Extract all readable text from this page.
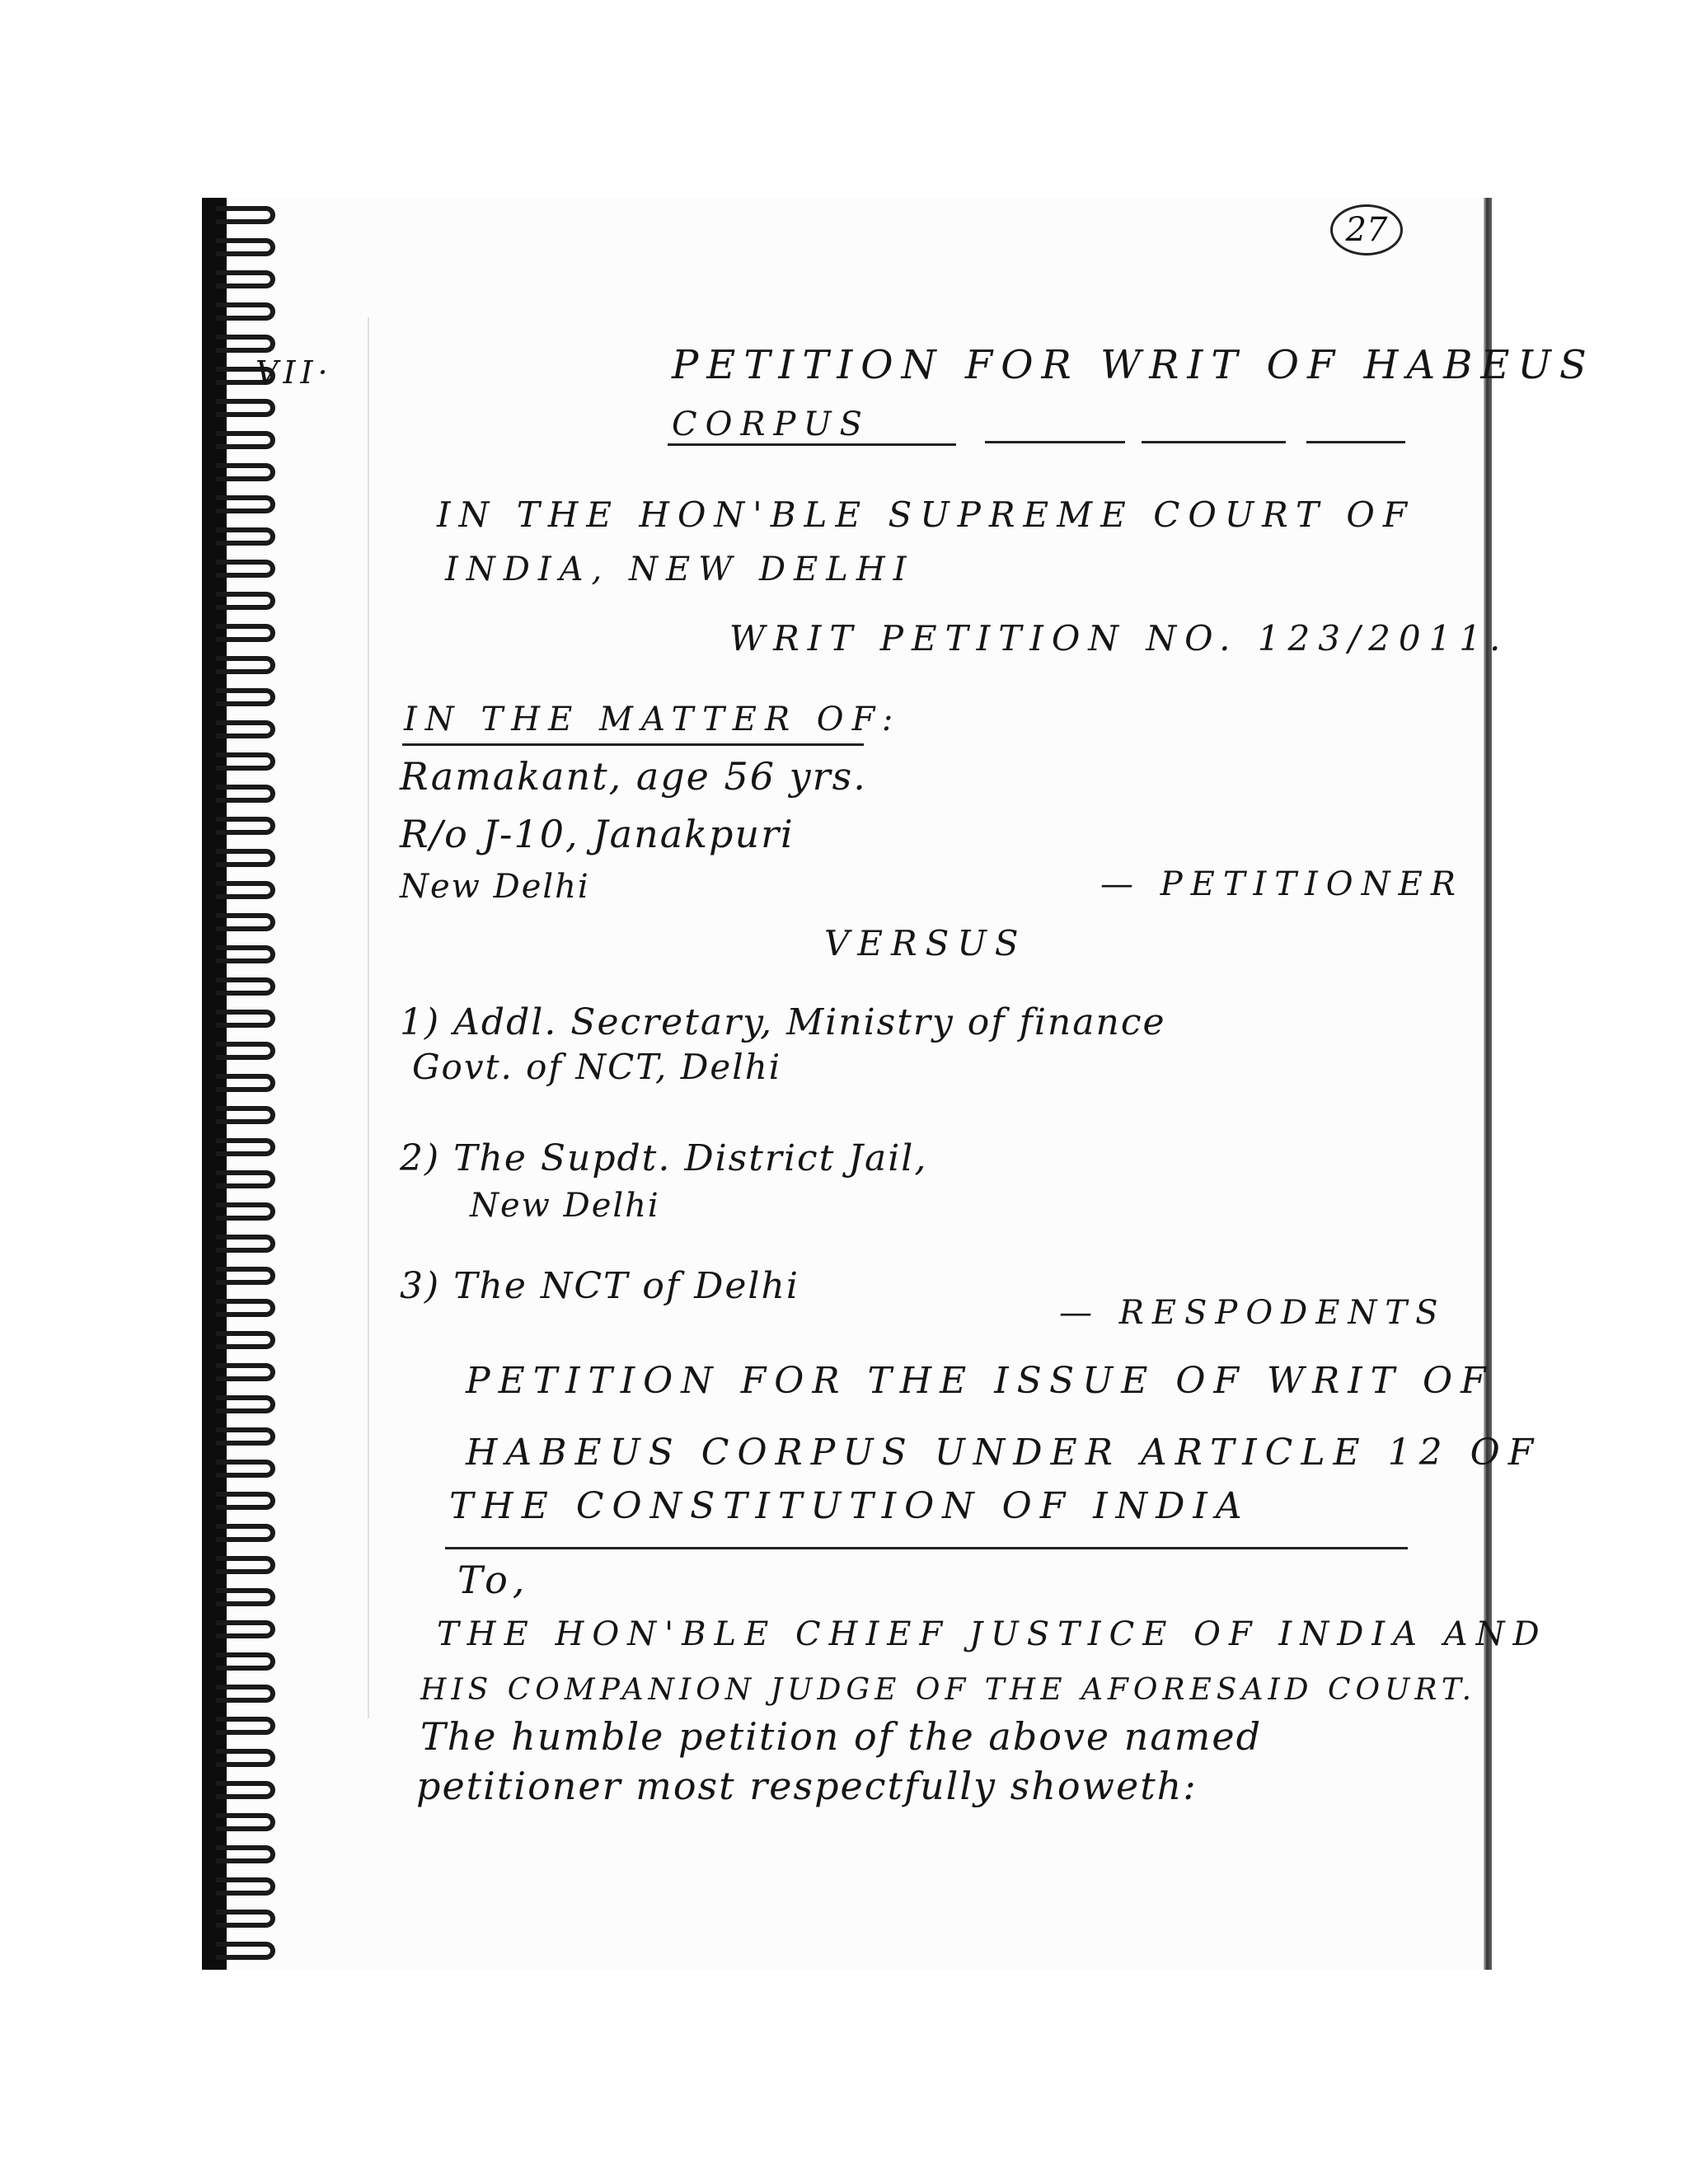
27
VII·	PETITION FOR WRIT OF HABEUS
CORPUS
IN THE HON'BLE SUPREME COURT OF
INDIA, NEW DELHI
WRIT PETITION NO. 123/2011.
IN THE MATTER OF:
Ramakant, age 56 yrs.
R/o J-10, Janakpuri
New Delhi	— PETITIONER
VERSUS
1) Addl. Secretary, Ministry of finance
Govt. of NCT, Delhi
2) The Supdt. District Jail,
New Delhi
3) The NCT of Delhi
— RESPODENTS
PETITION FOR THE ISSUE OF WRIT OF
HABEUS CORPUS UNDER ARTICLE 12 OF
THE CONSTITUTION OF INDIA
To,
THE HON'BLE CHIEF JUSTICE OF INDIA AND
HIS COMPANION JUDGE OF THE AFORESAID COURT.
The humble petition of the above named
petitioner most respectfully showeth:
